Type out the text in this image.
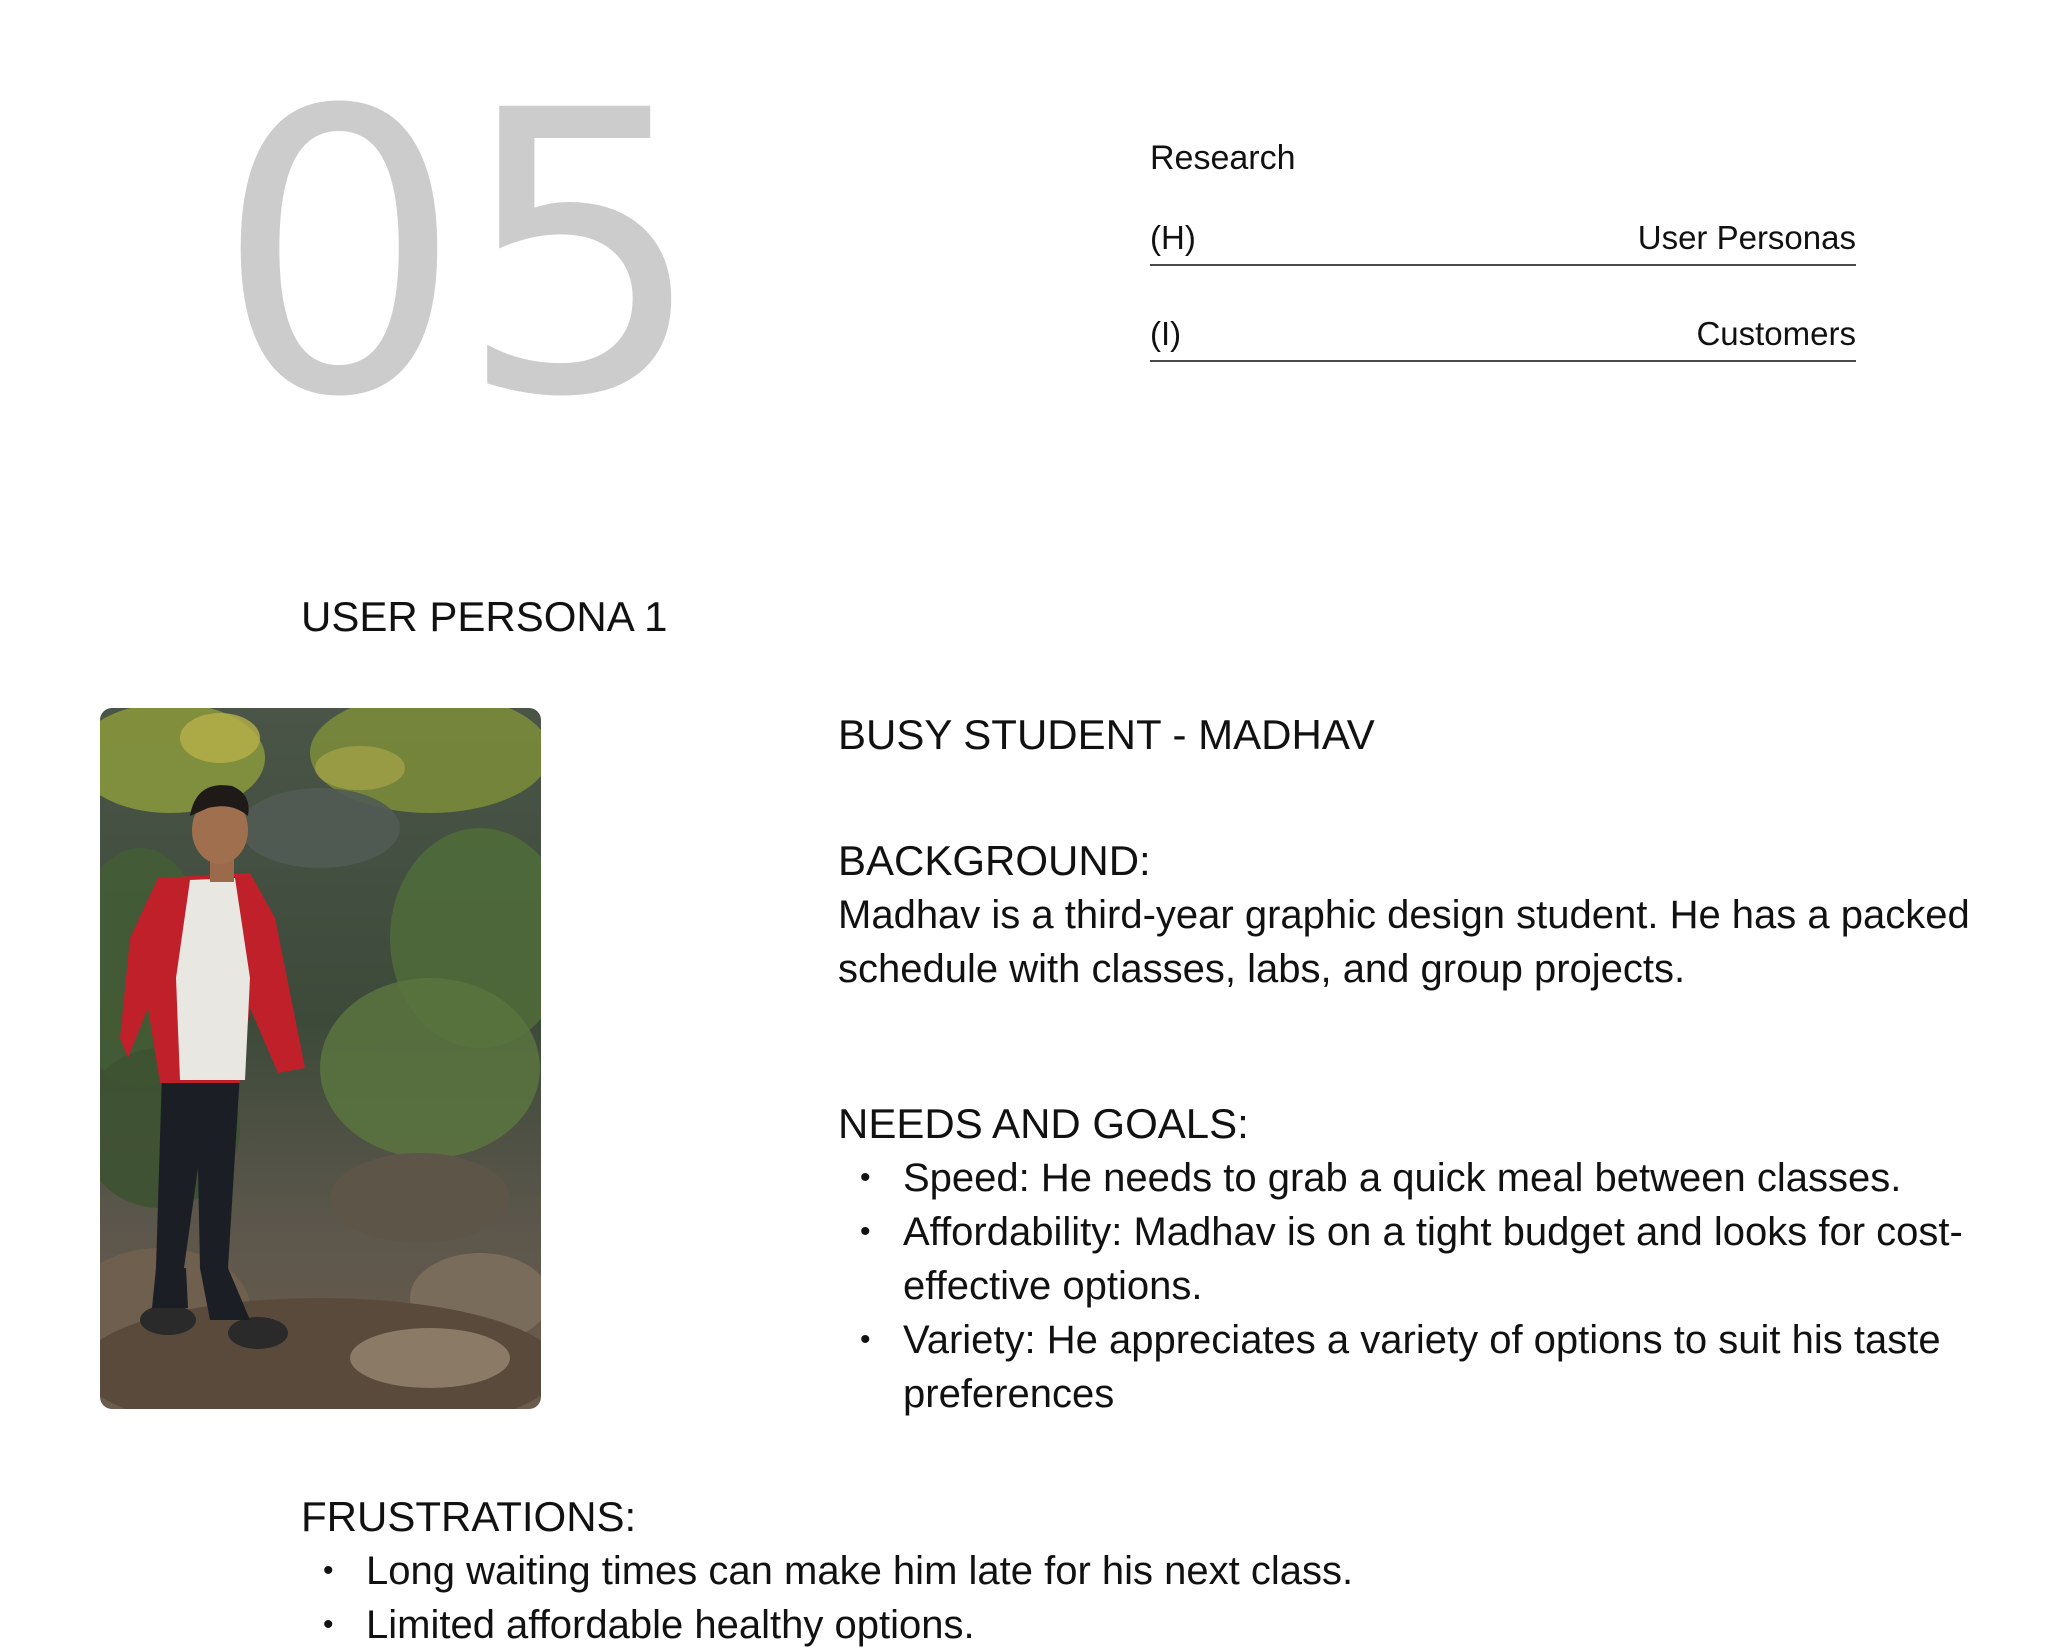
05	Research
(H)	User Personas
(I)	Customers
USER PERSONA 1
BUSY STUDENT - MADHAV
BACKGROUND:

Madhav is a third-year graphic design student. He has a packed schedule with classes, labs, and group projects.

NEEDS AND GOALS:
• Speed: He needs to grab a quick meal between classes.
• Affordability: Madhav is on a tight budget and looks for cost-effective options.
• Variety: He appreciates a variety of options to suit his taste preferences
FRUSTRATIONS:
• Long waiting times can make him late for his next class.
• Limited affordable healthy options.
